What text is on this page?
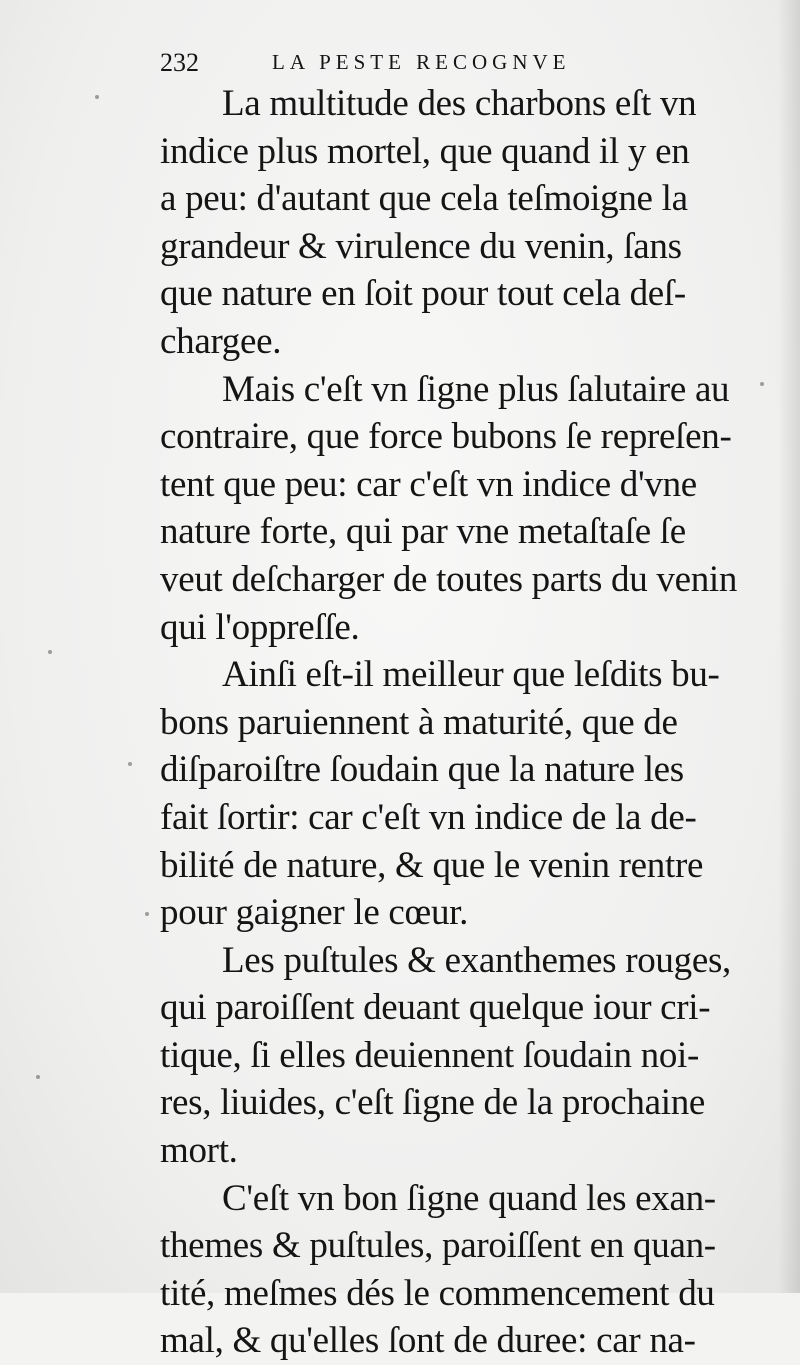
232	LA PESTE RECOGNVE
La multitude des charbons eſt vn
indice plus mortel, que quand il y en
a peu: d'autant que cela teſmoigne la
grandeur & virulence du venin, ſans
que nature en ſoit pour tout cela deſ-
chargee.
Mais c'eſt vn ſigne plus ſalutaire au
contraire, que force bubons ſe repreſen-
tent que peu: car c'eſt vn indice d'vne
nature forte, qui par vne metaſtaſe ſe
veut deſcharger de toutes parts du venin
qui l'oppreſſe.
Ainſi eſt-il meilleur que leſdits bu-
bons paruiennent à maturité, que de
diſparoiſtre ſoudain que la nature les
fait ſortir: car c'eſt vn indice de la de-
bilité de nature, & que le venin rentre
pour gaigner le cœur.
Les puſtules & exanthemes rouges,
qui paroiſſent deuant quelque iour cri-
tique, ſi elles deuiennent ſoudain noi-
res, liuides, c'eſt ſigne de la prochaine
mort.
C'eſt vn bon ſigne quand les exan-
themes & puſtules, paroiſſent en quan-
tité, meſmes dés le commencement du
mal, & qu'elles ſont de duree: car na-
